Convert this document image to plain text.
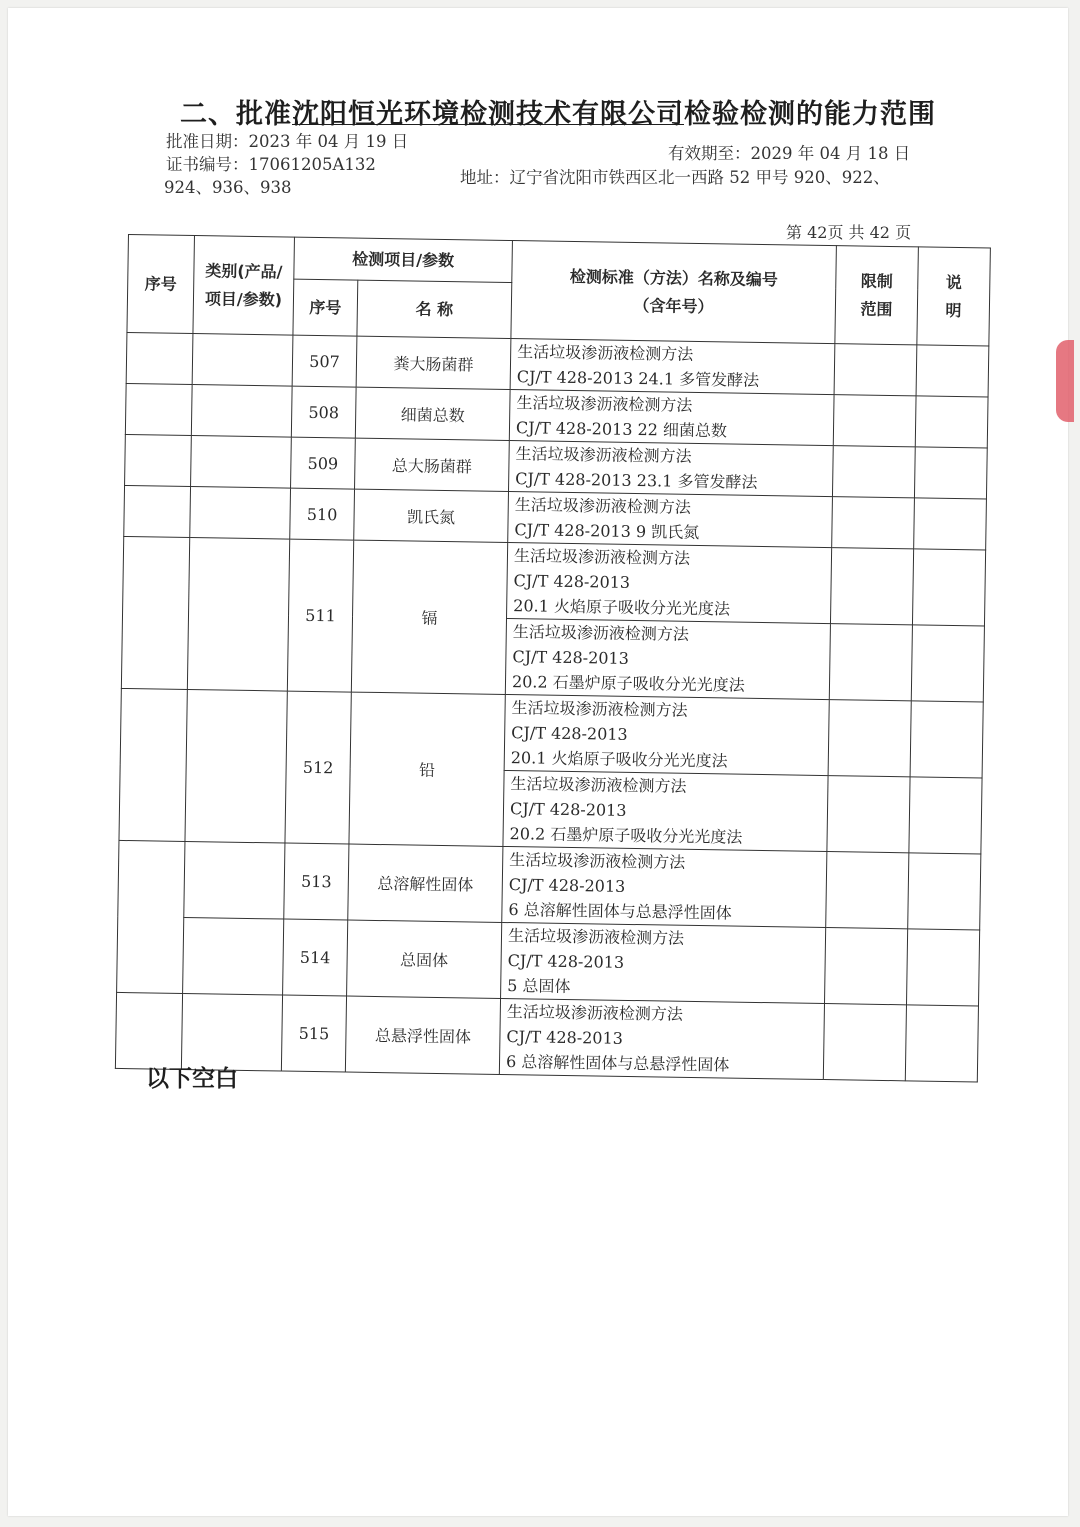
二、批准沈阳恒光环境检测技术有限公司检验检测的能力范围
批准日期：2023 年 04 月 19 日
有效期至：2029 年 04 月 18 日
证书编号：17061205A132
地址：辽宁省沈阳市铁西区北一西路 52 甲号 920、922、
924、936、938
第 42页 共 42 页
序号	类别(产品/项目/参数)	检测项目/参数		检测标准（方法）名称及编号（含年号）	限制范围	说明
		序号	名 称			
		507	粪大肠菌群	生活垃圾渗沥液检测方法
CJ/T 428-2013 24.1 多管发酵法		

		508	细菌总数	生活垃圾渗沥液检测方法
CJ/T 428-2013 22 细菌总数		

		509	总大肠菌群	生活垃圾渗沥液检测方法
CJ/T 428-2013 23.1 多管发酵法		

		510	凯氏氮	生活垃圾渗沥液检测方法
CJ/T 428-2013 9 凯氏氮		

		511	镉	生活垃圾渗沥液检测方法
CJ/T 428-2013
20.1 火焰原子吸收分光光度法		

				生活垃圾渗沥液检测方法
CJ/T 428-2013
20.2 石墨炉原子吸收分光光度法		

		512	铅	生活垃圾渗沥液检测方法
CJ/T 428-2013
20.1 火焰原子吸收分光光度法		

				生活垃圾渗沥液检测方法
CJ/T 428-2013
20.2 石墨炉原子吸收分光光度法		

		513	总溶解性固体	生活垃圾渗沥液检测方法
CJ/T 428-2013
6 总溶解性固体与总悬浮性固体		

		514	总固体	生活垃圾渗沥液检测方法
CJ/T 428-2013
5 总固体		

		515	总悬浮性固体	生活垃圾渗沥液检测方法
CJ/T 428-2013
6 总溶解性固体与总悬浮性固体		

以下空白
